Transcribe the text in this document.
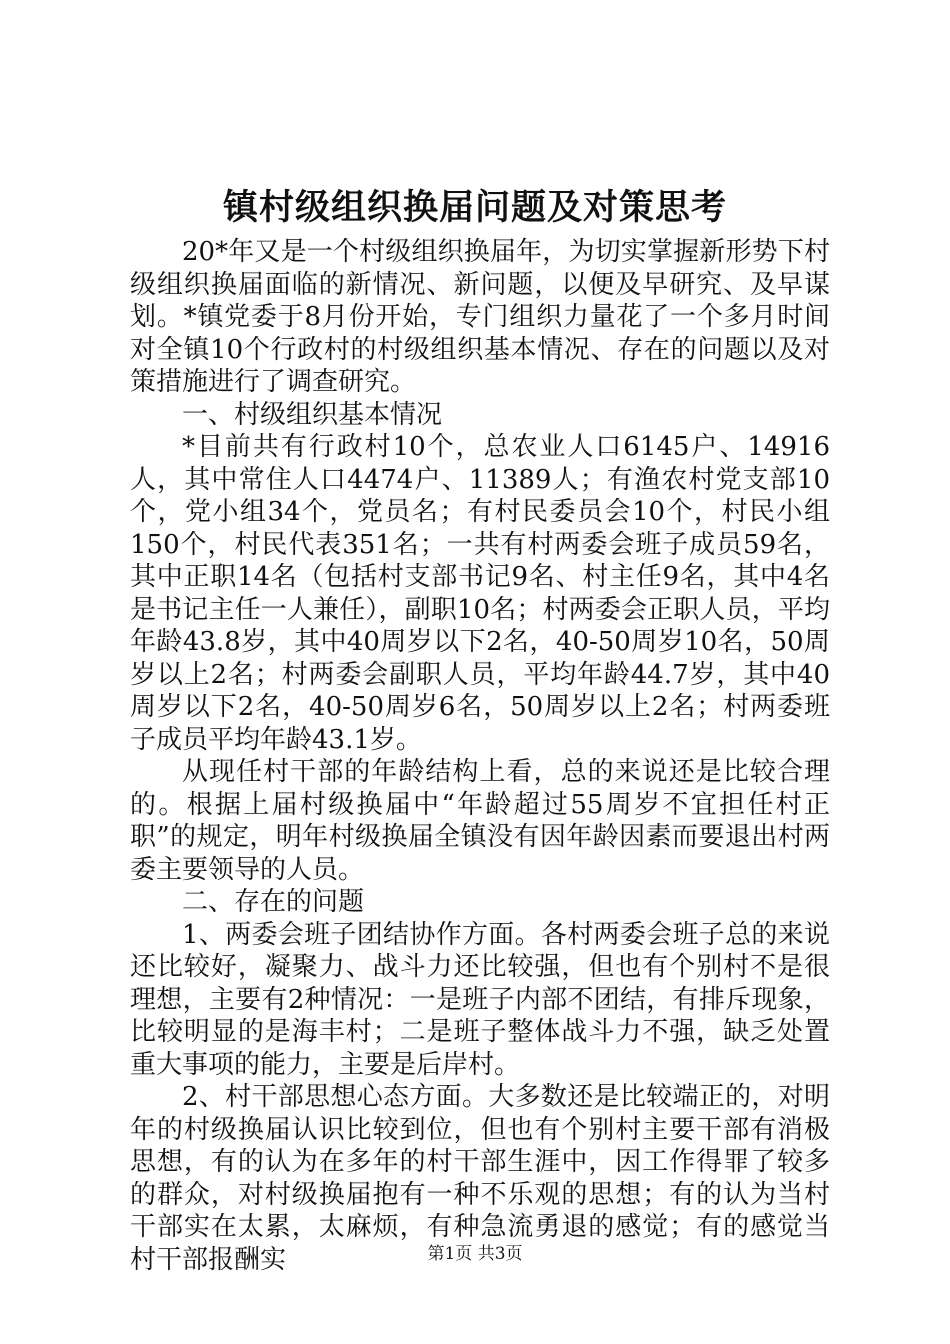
镇村级组织换届问题及对策思考

20*年又是一个村级组织换届年，为切实掌握新形势下村级组织换届面临的新情况、新问题，以便及早研究、及早谋划。*镇党委于8月份开始，专门组织力量花了一个多月时间对全镇10个行政村的村级组织基本情况、存在的问题以及对策措施进行了调查研究。

一、村级组织基本情况

*目前共有行政村10个，总农业人口6145户、14916人，其中常住人口4474户、11389人；有渔农村党支部10个，党小组34个，党员名；有村民委员会10个，村民小组150个，村民代表351名；一共有村两委会班子成员59名，其中正职14名（包括村支部书记9名、村主任9名，其中4名是书记主任一人兼任），副职10名；村两委会正职人员，平均年龄43.8岁，其中40周岁以下2名，40-50周岁10名，50周岁以上2名；村两委会副职人员，平均年龄44.7岁，其中40周岁以下2名，40-50周岁6名，50周岁以上2名；村两委班子成员平均年龄43.1岁。

从现任村干部的年龄结构上看，总的来说还是比较合理的。根据上届村级换届中“年龄超过55周岁不宜担任村正职”的规定，明年村级换届全镇没有因年龄因素而要退出村两委主要领导的人员。

二、存在的问题

1、两委会班子团结协作方面。各村两委会班子总的来说还比较好，凝聚力、战斗力还比较强，但也有个别村不是很理想，主要有2种情况：一是班子内部不团结，有排斥现象，比较明显的是海丰村；二是班子整体战斗力不强，缺乏处置重大事项的能力，主要是后岸村。

2、村干部思想心态方面。大多数还是比较端正的，对明年的村级换届认识比较到位，但也有个别村主要干部有消极思想，有的认为在多年的村干部生涯中，因工作得罪了较多的群众，对村级换届抱有一种不乐观的思想；有的认为当村干部实在太累，太麻烦，有种急流勇退的感觉；有的感觉当村干部报酬实	第1页 共3页
